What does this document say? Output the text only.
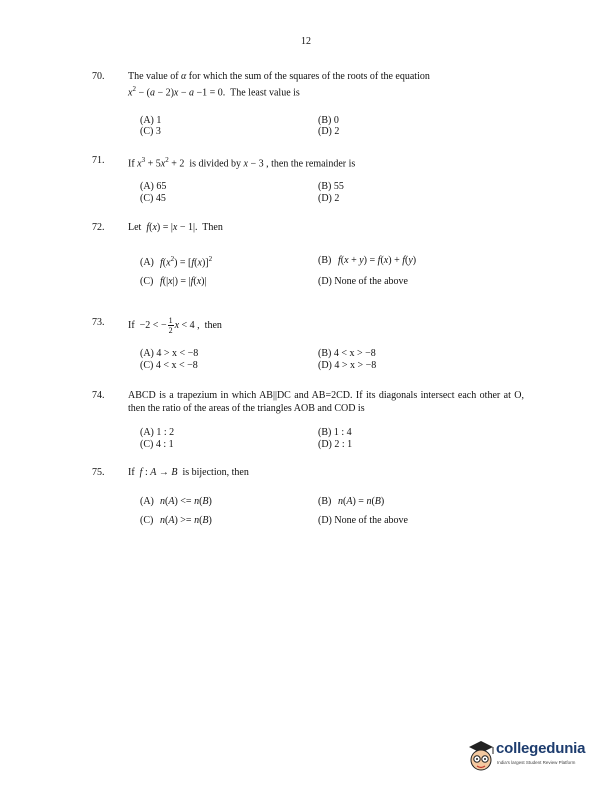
12
70. The value of α for which the sum of the squares of the roots of the equation
$x^2 - (a - 2)x - a -1 = 0$.  The least value is
(A) 1	(B) 0
(C) 3	(D) 2
71. If $x^3 + 5x^2 + 2$  is divided by x − 3 , then the remainder is
(A) 65	(B) 55
(C) 45	(D) 2
72. Let  f(x) = |x − 1|.  Then
(A) $f(x^2) = [f(x)]^2$	(B) f(x + y) = f(x) + f(y)
(C) f(|x|) = |f(x)|	(D) None of the above
73. If  −2 < − $\frac{1}{2}$ x < 4 ,  then
(A) 4 > x < −8	(B) 4 < x > −8
(C) 4 < x < −8	(D) 4 > x > −8
74. ABCD is a trapezium in which AB||DC and AB=2CD. If its diagonals intersect each other at O, then the ratio of the areas of the triangles AOB and COD is
(A) 1 : 2	(B) 1 : 4
(C) 4 : 1	(D) 2 : 1
75. If  f : A → B  is bijection, then
(A) n(A) <= n(B)	(B) n(A) = n(B)
(C) n(A) >= n(B)	(D) None of the above
collegedunia
India's largest Student Review Platform
